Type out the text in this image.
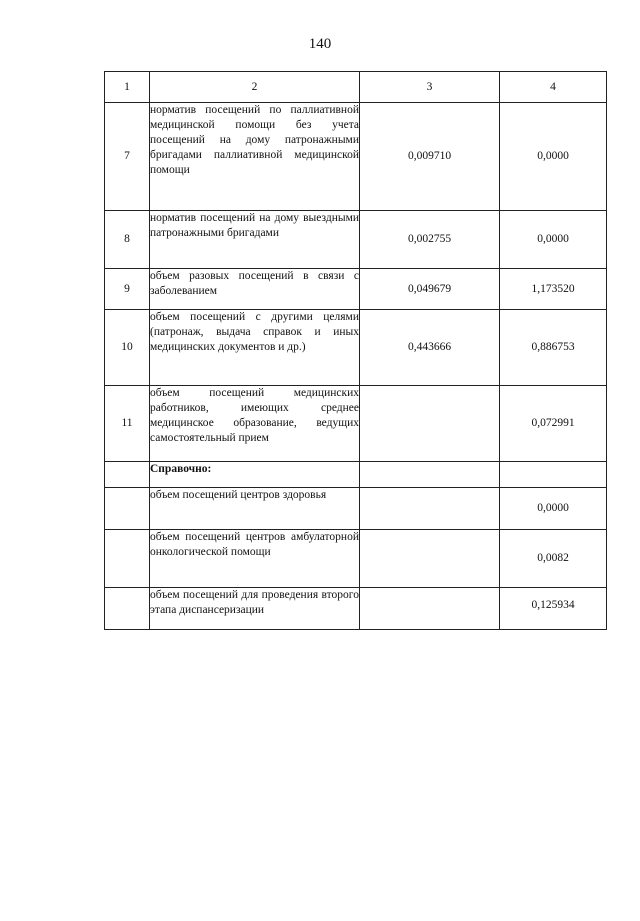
140
1	2	3	4
7	норматив посещений по паллиативной медицинской помощи без учета посещений на дому патронажными бригадами паллиативной медицинской помощи	0,009710	0,0000
8	норматив посещений на дому выездными патронажными бригадами	0,002755	0,0000
9	объем разовых посещений в связи с заболеванием	0,049679	1,173520
10	объем посещений с другими целями (патронаж, выдача справок и иных медицинских документов и др.)	0,443666	0,886753
11	объем посещений медицинских работников, имеющих среднее медицинское образование, ведущих самостоятельный прием		0,072991
	Справочно:		
	объем посещений центров здоровья		0,0000
	объем посещений центров амбулаторной онкологической помощи		0,0082
	объем посещений для проведения второго этапа диспансеризации		0,125934
